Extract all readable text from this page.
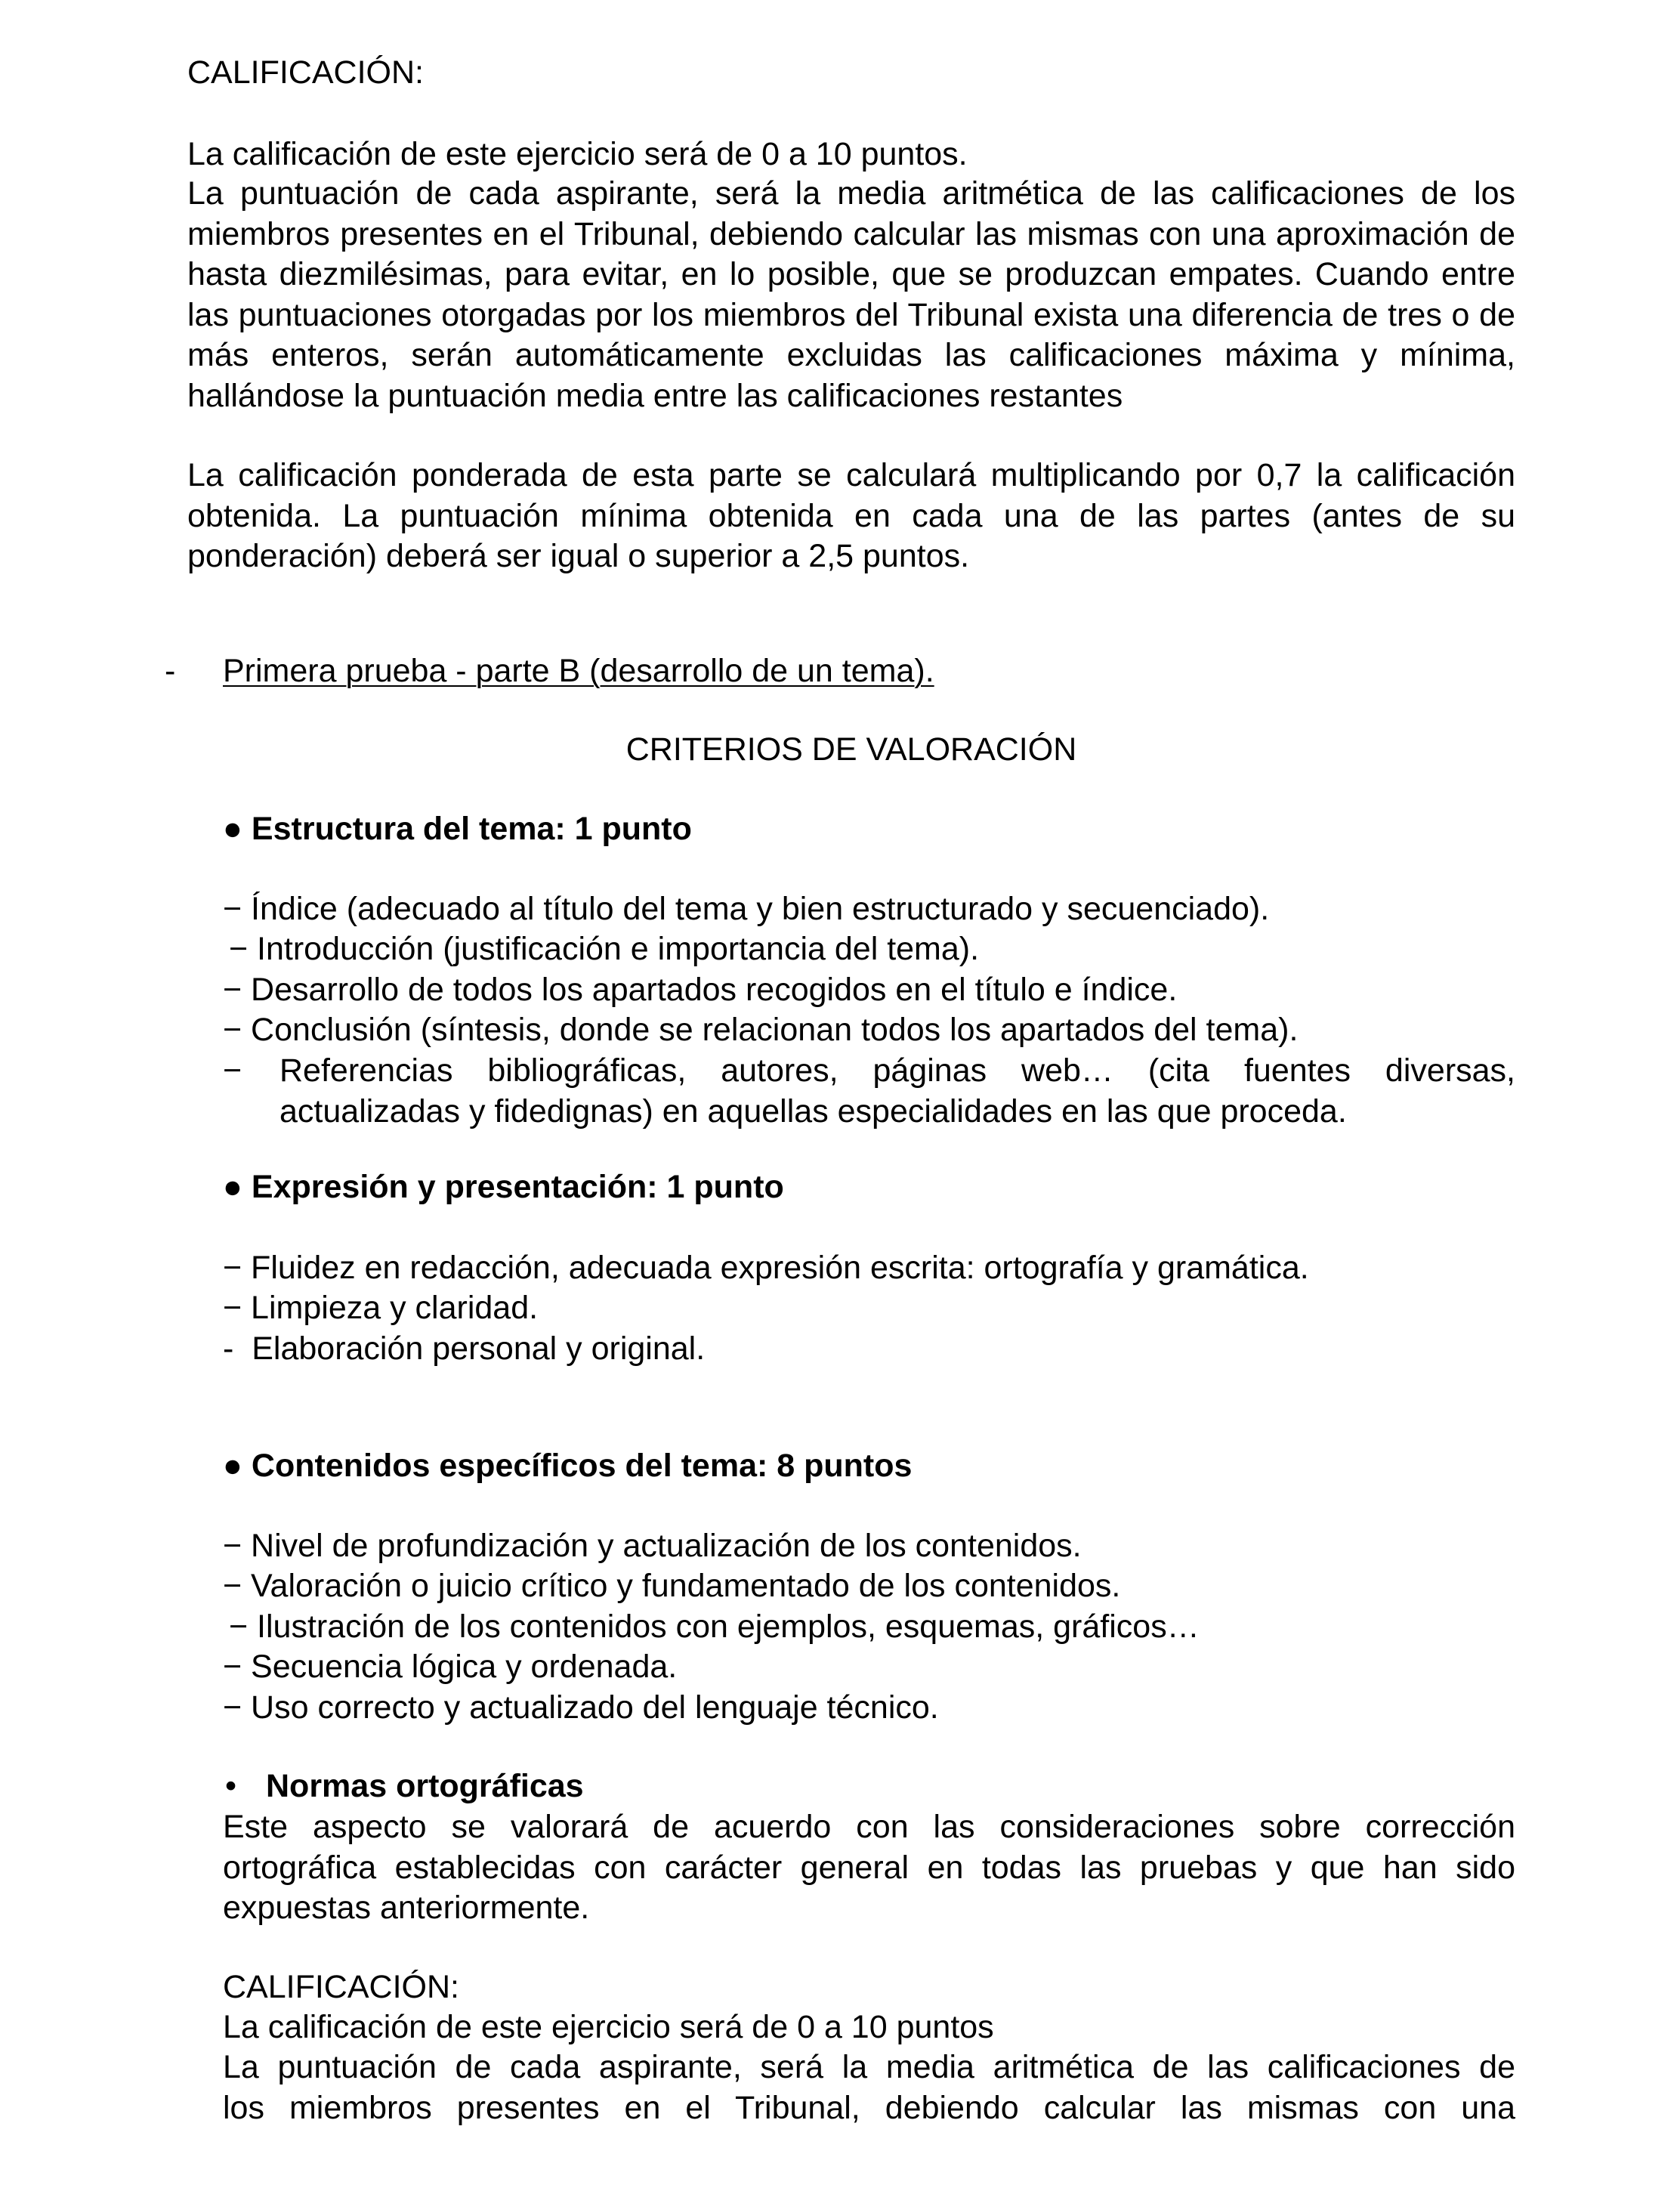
CALIFICACIÓN:
La calificación de este ejercicio será de 0 a 10 puntos.
La puntuación de cada aspirante, será la media aritmética de las calificaciones de los miembros presentes en el Tribunal, debiendo calcular las mismas con una aproximación de hasta diezmilésimas, para evitar, en lo posible, que se produzcan empates. Cuando entre las puntuaciones otorgadas por los miembros del Tribunal exista una diferencia de tres o de más enteros, serán automáticamente excluidas las calificaciones máxima y mínima, hallándose la puntuación media entre las calificaciones restantes
La calificación ponderada de esta parte se calculará multiplicando por 0,7 la calificación obtenida. La puntuación mínima obtenida en cada una de las partes (antes de su ponderación) deberá ser igual o superior a 2,5 puntos.
- Primera prueba - parte B (desarrollo de un tema).
CRITERIOS DE VALORACIÓN
● Estructura del tema: 1 punto
− Índice (adecuado al título del tema y bien estructurado y secuenciado).
− Introducción (justificación e importancia del tema).
− Desarrollo de todos los apartados recogidos en el título e índice.
− Conclusión (síntesis, donde se relacionan todos los apartados del tema).
− Referencias bibliográficas, autores, páginas web… (cita fuentes diversas,
actualizadas y fidedignas) en aquellas especialidades en las que proceda.
● Expresión y presentación: 1 punto
− Fluidez en redacción, adecuada expresión escrita: ortografía y gramática.
− Limpieza y claridad.
-  Elaboración personal y original.
● Contenidos específicos del tema: 8 puntos
− Nivel de profundización y actualización de los contenidos.
− Valoración o juicio crítico y fundamentado de los contenidos.
− Ilustración de los contenidos con ejemplos, esquemas, gráficos…
− Secuencia lógica y ordenada.
− Uso correcto y actualizado del lenguaje técnico.
• Normas ortográficas
Este aspecto se valorará de acuerdo con las consideraciones sobre corrección ortográfica establecidas con carácter general en todas las pruebas y que han sido expuestas anteriormente.
CALIFICACIÓN:
La calificación de este ejercicio será de 0 a 10 puntos
La puntuación de cada aspirante, será la media aritmética de las calificaciones de
los miembros presentes en el Tribunal, debiendo calcular las mismas con una
